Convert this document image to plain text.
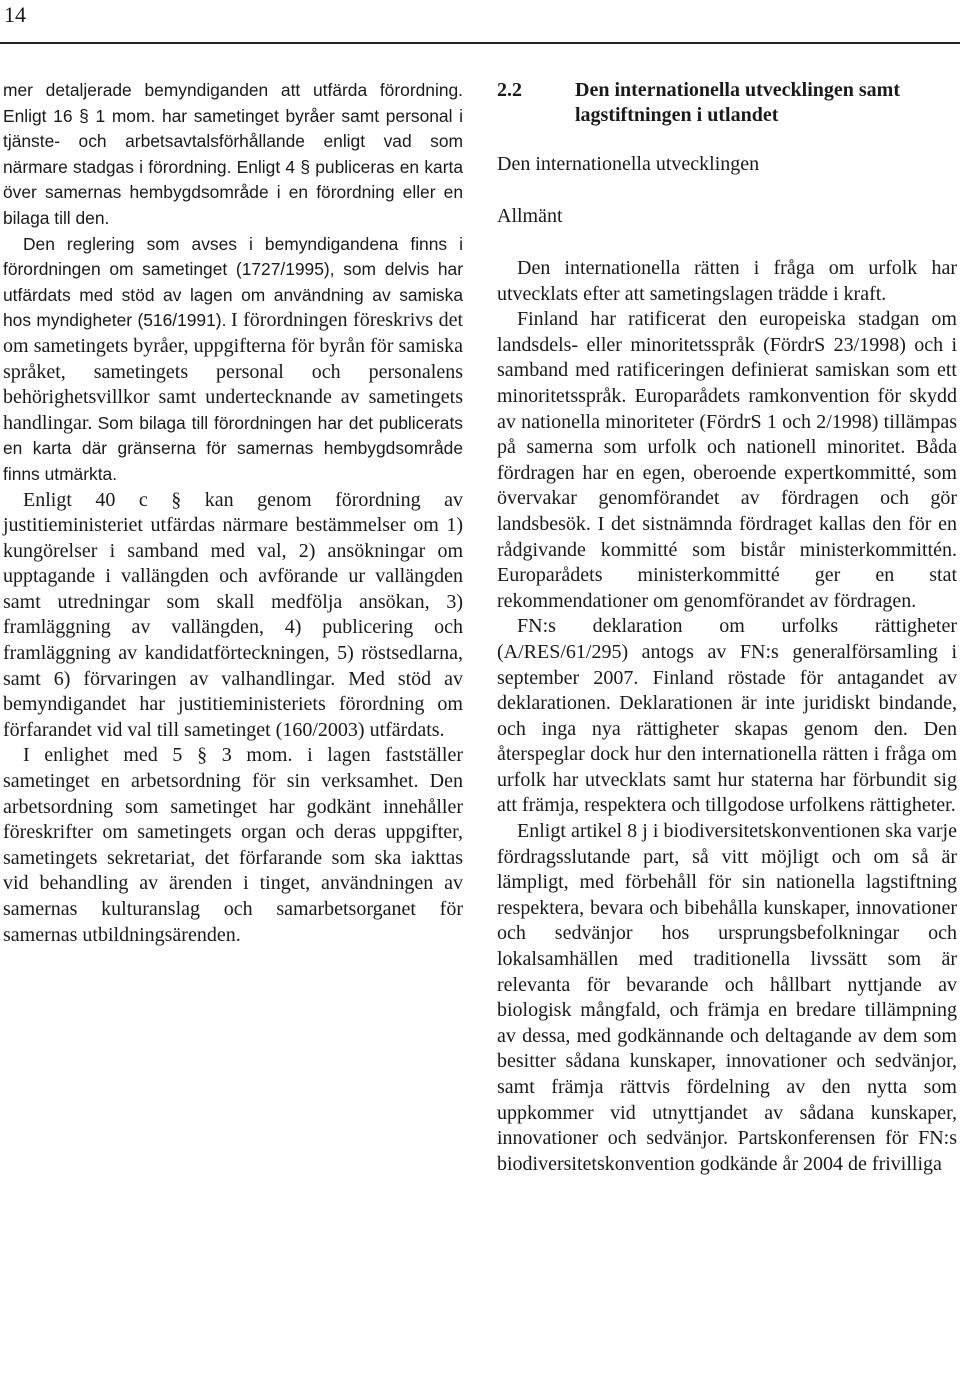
14

mer detaljerade bemyndiganden att utfärda förordning. Enligt 16 § 1 mom. har sametinget byråer samt personal i tjänste- och arbetsavtalsförhållande enligt vad som närmare stadgas i förordning. Enligt 4 § publiceras en karta över samernas hembygdsområde i en förordning eller en bilaga till den.

Den reglering som avses i bemyndigandena finns i förordningen om sametinget (1727/1995), som delvis har utfärdats med stöd av lagen om användning av samiska hos myndigheter (516/1991). I förordningen föreskrivs det om sametingets byråer, uppgifterna för byrån för samiska språket, sametingets personal och personalens behörighetsvillkor samt undertecknande av sametingets handlingar. Som bilaga till förordningen har det publicerats en karta där gränserna för samernas hembygdsområde finns utmärkta.

Enligt 40 c § kan genom förordning av justitieministeriet utfärdas närmare bestämmelser om 1) kungörelser i samband med val, 2) ansökningar om upptagande i vallängden och avförande ur vallängden samt utredningar som skall medfölja ansökan, 3) framläggning av vallängden, 4) publicering och framläggning av kandidatförteckningen, 5) röstsedlarna, samt 6) förvaringen av valhandlingar. Med stöd av bemyndigandet har justitieministeriets förordning om förfarandet vid val till sametinget (160/2003) utfärdats.

I enlighet med 5 § 3 mom. i lagen fastställer sametinget en arbetsordning för sin verksamhet. Den arbetsordning som sametinget har godkänt innehåller föreskrifter om sametingets organ och deras uppgifter, sametingets sekretariat, det förfarande som ska iakttas vid behandling av ärenden i tinget, användningen av samernas kulturanslag och samarbetsorganet för samernas utbildningsärenden.

2.2	Den internationella utvecklingen samt lagstiftningen i utlandet

Den internationella utvecklingen

Allmänt

Den internationella rätten i fråga om urfolk har utvecklats efter att sametingslagen trädde i kraft.

Finland har ratificerat den europeiska stadgan om landsdels- eller minoritetsspråk (FördrS 23/1998) och i samband med ratificeringen definierat samiskan som ett minoritetsspråk. Europarådets ramkonvention för skydd av nationella minoriteter (FördrS 1 och 2/1998) tillämpas på samerna som urfolk och nationell minoritet. Båda fördragen har en egen, oberoende expertkommitté, som övervakar genomförandet av fördragen och gör landsbesök. I det sistnämnda fördraget kallas den för en rådgivande kommitté som bistår ministerkommittén. Europarådets ministerkommitté ger en stat rekommendationer om genomförandet av fördragen.

FN:s deklaration om urfolks rättigheter (A/RES/61/295) antogs av FN:s generalförsamling i september 2007. Finland röstade för antagandet av deklarationen. Deklarationen är inte juridiskt bindande, och inga nya rättigheter skapas genom den. Den återspeglar dock hur den internationella rätten i fråga om urfolk har utvecklats samt hur staterna har förbundit sig att främja, respektera och tillgodose urfolkens rättigheter.

Enligt artikel 8 j i biodiversitetskonventionen ska varje fördragsslutande part, så vitt möjligt och om så är lämpligt, med förbehåll för sin nationella lagstiftning respektera, bevara och bibehålla kunskaper, innovationer och sedvänjor hos ursprungsbefolkningar och lokalsamhällen med traditionella livssätt som är relevanta för bevarande och hållbart nyttjande av biologisk mångfald, och främja en bredare tillämpning av dessa, med godkännande och deltagande av dem som besitter sådana kunskaper, innovationer och sedvänjor, samt främja rättvis fördelning av den nytta som uppkommer vid utnyttjandet av sådana kunskaper, innovationer och sedvänjor. Partskonferensen för FN:s biodiversitetskonvention godkände år 2004 de frivilliga
